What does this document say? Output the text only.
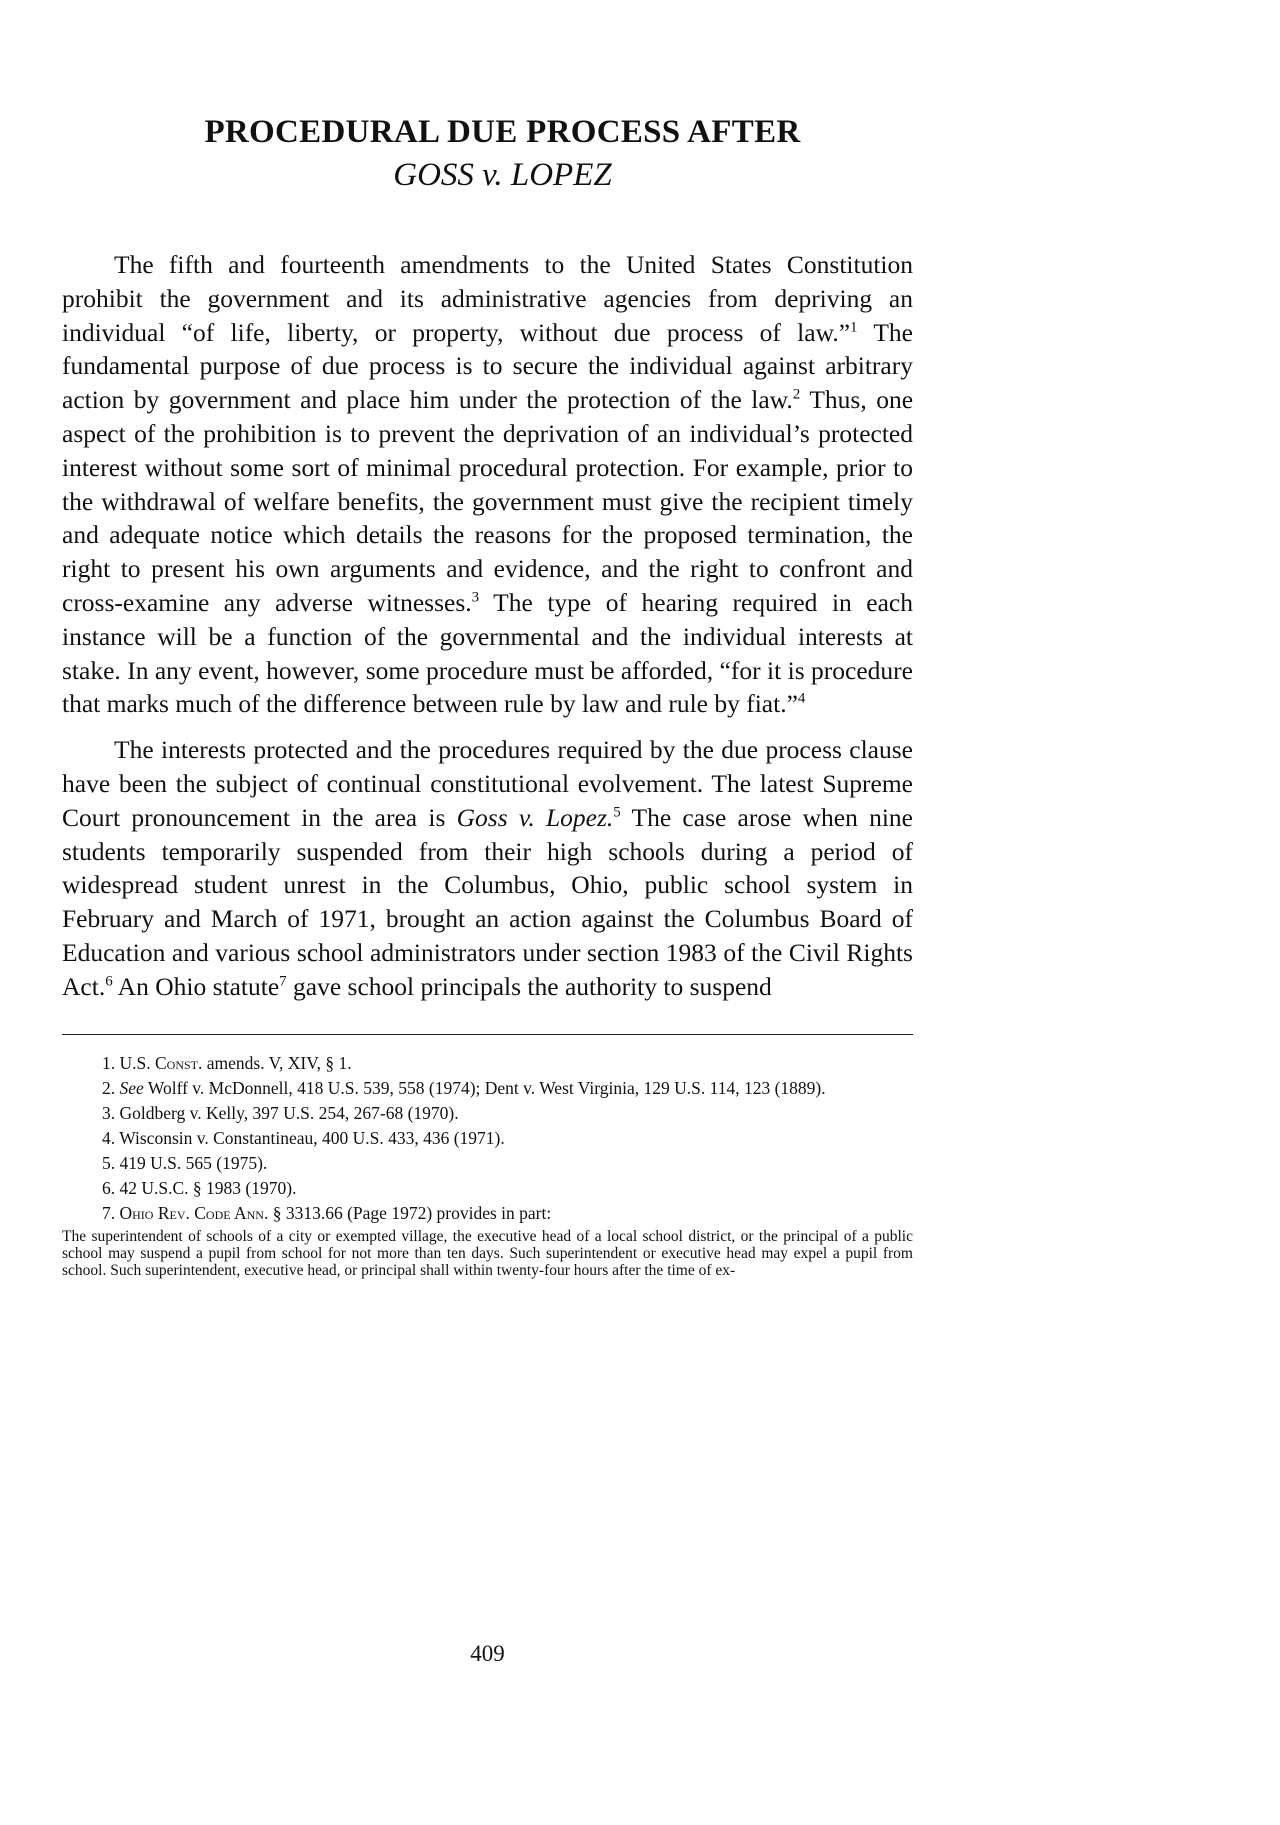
PROCEDURAL DUE PROCESS AFTER
GOSS v. LOPEZ

The fifth and fourteenth amendments to the United States Constitution prohibit the government and its administrative agencies from depriving an individual “of life, liberty, or property, without due process of law.”$^1$ The fundamental purpose of due process is to secure the individual against arbitrary action by government and place him under the protection of the law.$^2$ Thus, one aspect of the prohibition is to prevent the deprivation of an individual’s protected interest without some sort of minimal procedural protection. For example, prior to the withdrawal of welfare benefits, the government must give the recipient timely and adequate notice which details the reasons for the proposed termination, the right to present his own arguments and evidence, and the right to confront and cross-examine any adverse witnesses.$^3$ The type of hearing required in each instance will be a function of the governmental and the individual interests at stake. In any event, however, some procedure must be afforded, “for it is procedure that marks much of the difference between rule by law and rule by fiat.”$^4$

The interests protected and the procedures required by the due process clause have been the subject of continual constitutional evolvement. The latest Supreme Court pronouncement in the area is Goss v. Lopez.$^5$ The case arose when nine students temporarily suspended from their high schools during a period of widespread student unrest in the Columbus, Ohio, public school system in February and March of 1971, brought an action against the Columbus Board of Education and various school administrators under section 1983 of the Civil Rights Act.$^6$ An Ohio statute$^7$ gave school principals the authority to suspend

1. U.S. Const. amends. V, XIV, § 1.

2. See Wolff v. McDonnell, 418 U.S. 539, 558 (1974); Dent v. West Virginia, 129 U.S. 114, 123 (1889).

3. Goldberg v. Kelly, 397 U.S. 254, 267-68 (1970).

4. Wisconsin v. Constantineau, 400 U.S. 433, 436 (1971).

5. 419 U.S. 565 (1975).

6. 42 U.S.C. § 1983 (1970).

7. Ohio Rev. Code Ann. § 3313.66 (Page 1972) provides in part:

The superintendent of schools of a city or exempted village, the executive head of a local school district, or the principal of a public school may suspend a pupil from school for not more than ten days. Such superintendent or executive head may expel a pupil from school. Such superintendent, executive head, or principal shall within twenty-four hours after the time of ex-

409
